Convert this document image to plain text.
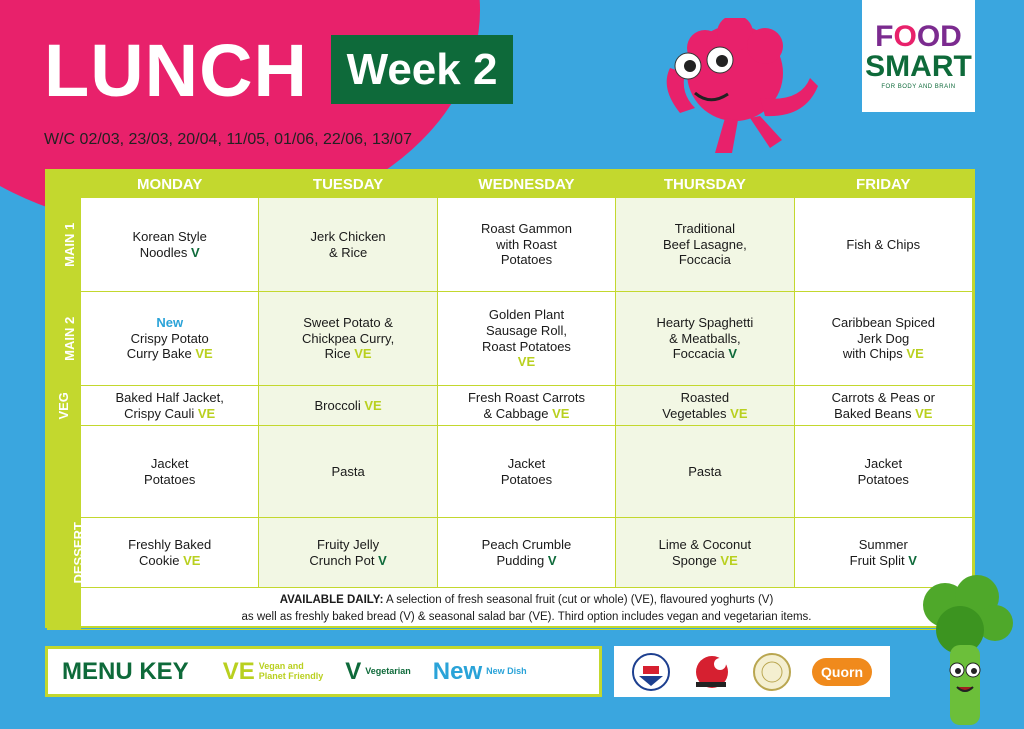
LUNCH Week 2
W/C 02/03, 23/03, 20/04, 11/05, 01/06, 22/06, 13/07
FOOD
SMART
FOR BODY AND BRAIN
	MONDAY	TUESDAY	WEDNESDAY	THURSDAY	FRIDAY
MAIN 1	Korean Style
Noodles V	Jerk Chicken
& Rice	Roast Gammon
with Roast
Potatoes	Traditional
Beef Lasagne,
Foccacia	Fish & Chips
MAIN 2	New
Crispy Potato
Curry Bake VE	Sweet Potato &
Chickpea Curry,
Rice VE	Golden Plant
Sausage Roll,
Roast Potatoes
VE	Hearty Spaghetti
& Meatballs,
Foccacia V	Caribbean Spiced
Jerk Dog
with Chips VE
VEG	Baked Half Jacket,
Crispy Cauli VE	Broccoli VE	Fresh Roast Carrots
& Cabbage VE	Roasted
Vegetables VE	Carrots & Peas or
Baked Beans VE
3RD OPTION	Jacket
Potatoes	Pasta	Jacket
Potatoes	Pasta	Jacket
Potatoes
DESSERT	Freshly Baked
Cookie VE	Fruity Jelly
Crunch Pot V	Peach Crumble
Pudding V	Lime & Coconut
Sponge VE	Summer
Fruit Split V
	AVAILABLE DAILY: A selection of fresh seasonal fruit (cut or whole) (VE), flavoured yoghurts (V)
as well as freshly baked bread (V) & seasonal salad bar (VE). Third option includes vegan and vegetarian items.				
MENU KEY VE Vegan and
Planet Friendly V Vegetarian New New Dish	Quorn
